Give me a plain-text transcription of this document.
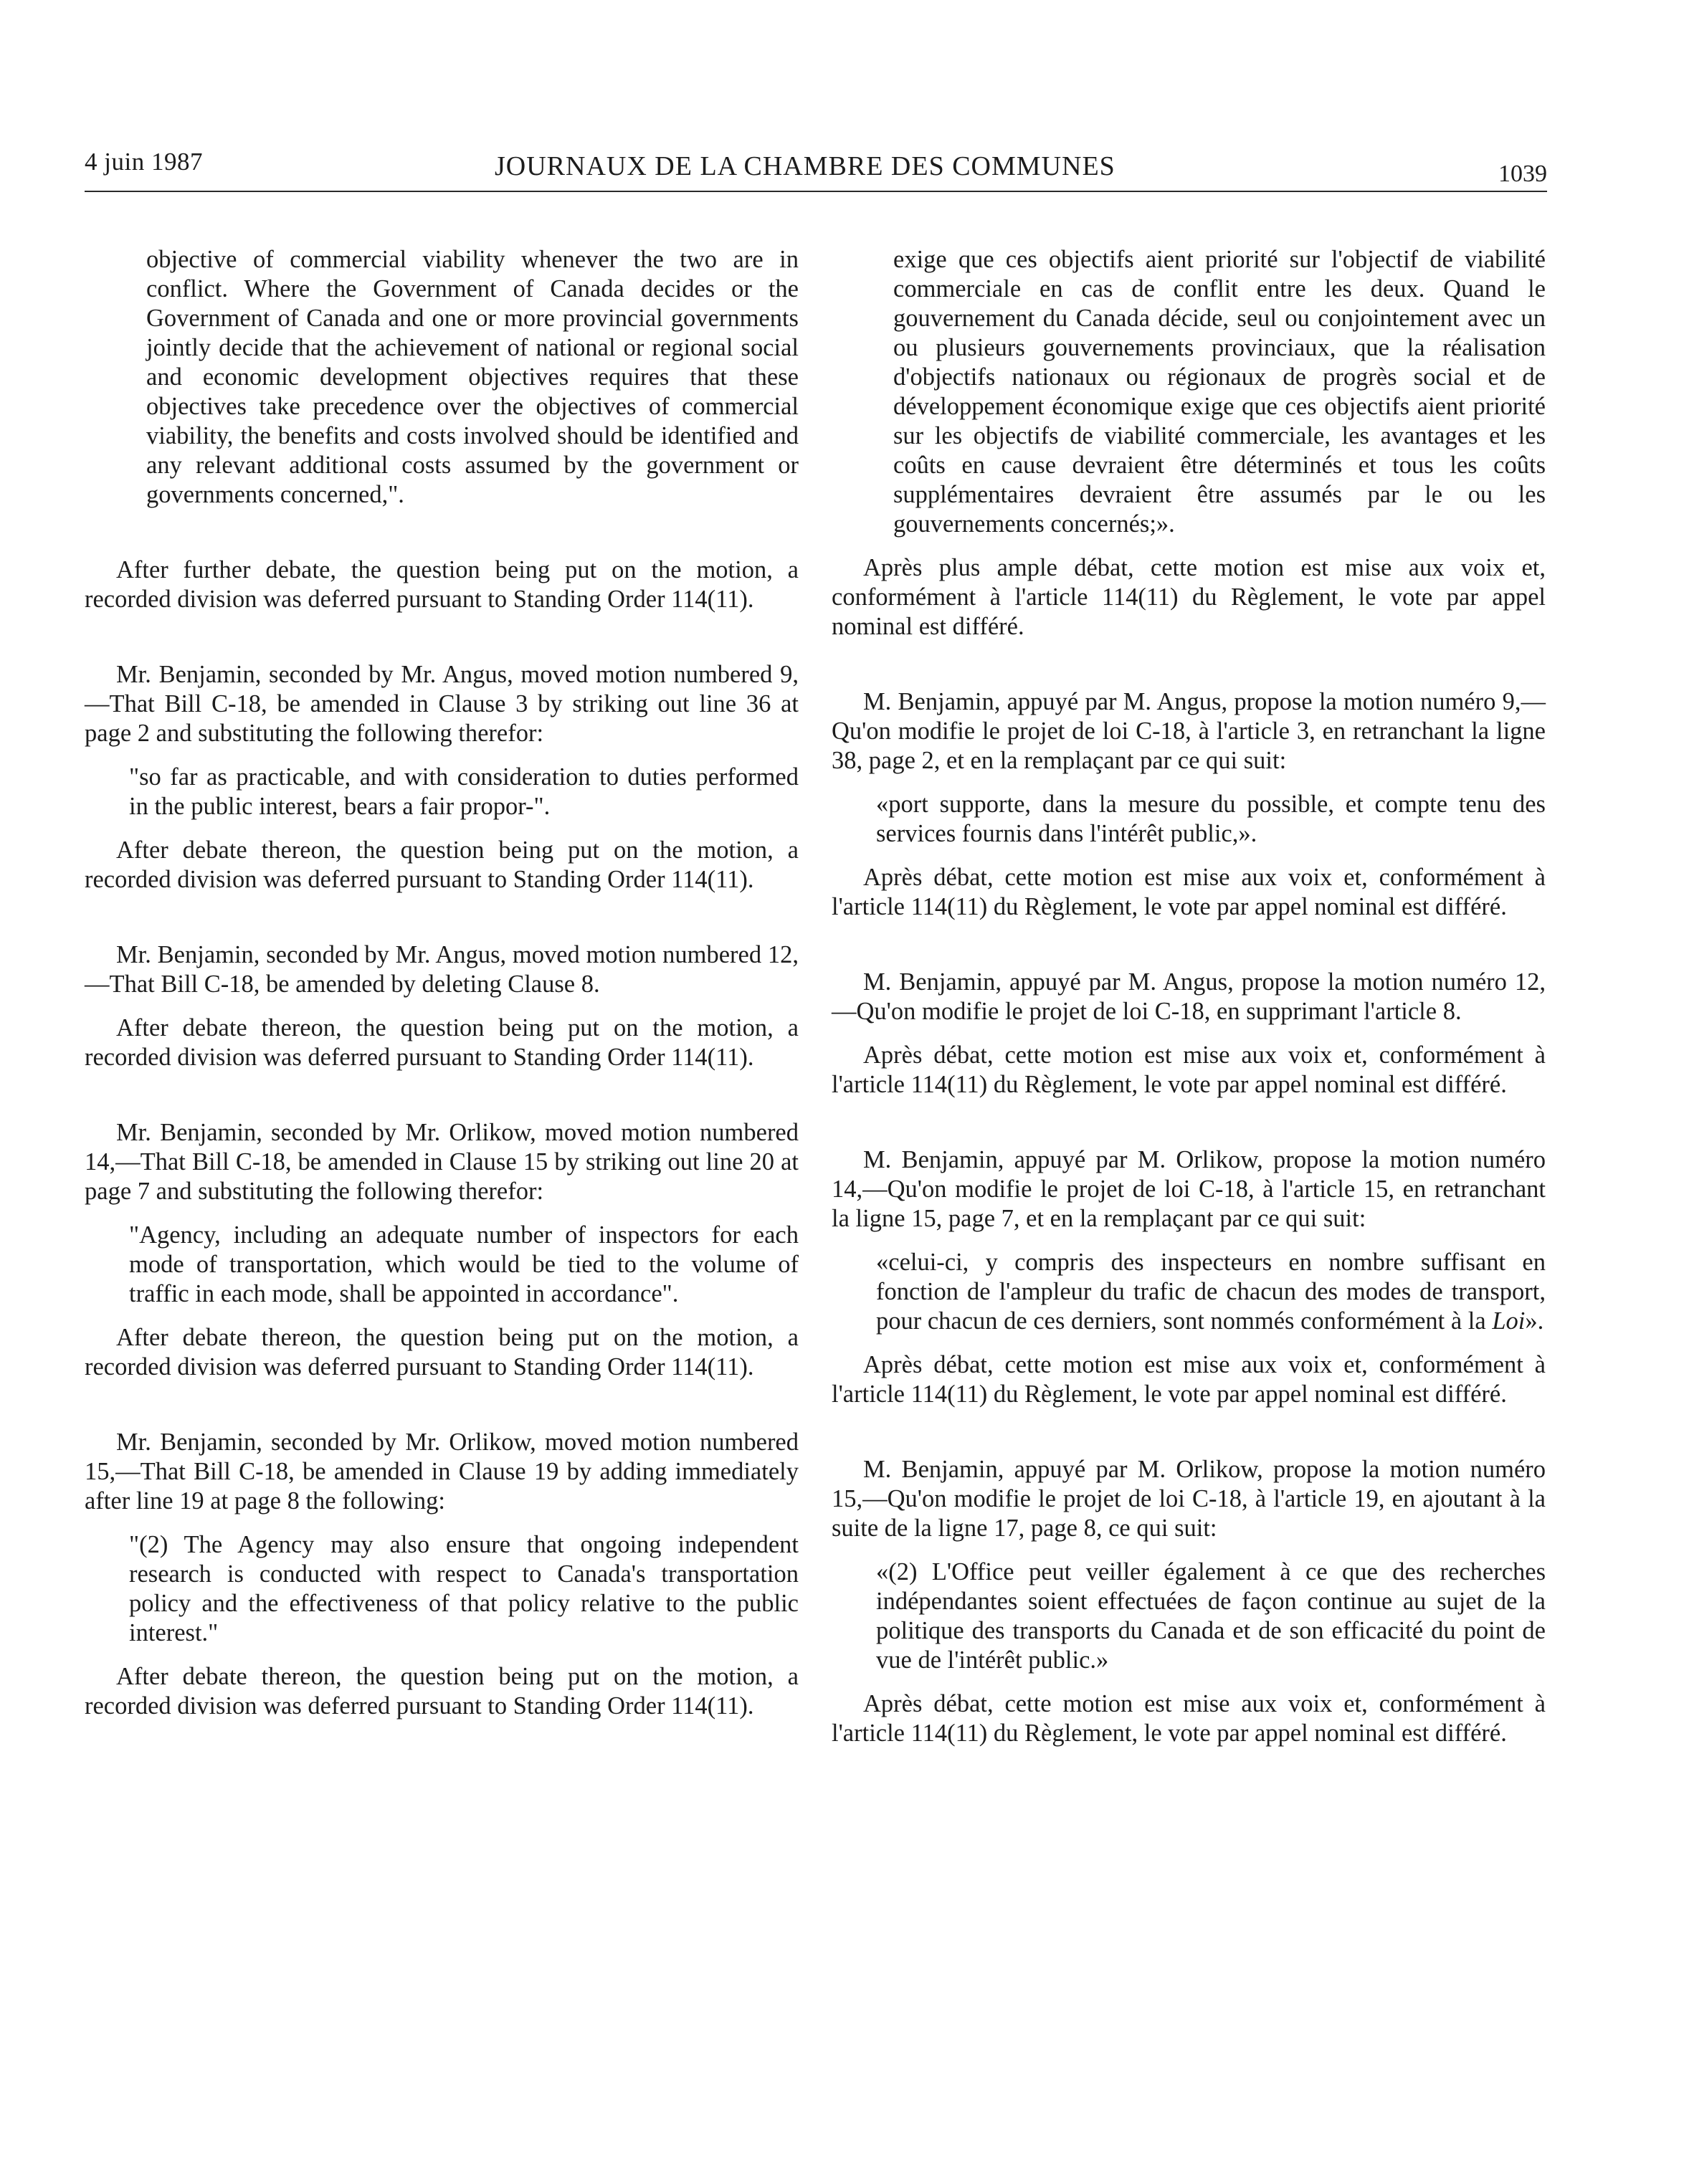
4 juin 1987	JOURNAUX DE LA CHAMBRE DES COMMUNES	1039

objective of commercial viability whenever the two are in conflict. Where the Government of Canada decides or the Government of Canada and one or more provincial governments jointly decide that the achievement of national or regional social and economic development objectives requires that these objectives take precedence over the objectives of commercial viability, the benefits and costs involved should be identified and any relevant additional costs assumed by the government or governments concerned,".

After further debate, the question being put on the motion, a recorded division was deferred pursuant to Standing Order 114(11).

Mr. Benjamin, seconded by Mr. Angus, moved motion numbered 9,—That Bill C-18, be amended in Clause 3 by striking out line 36 at page 2 and substituting the following therefor:

"so far as practicable, and with consideration to duties performed in the public interest, bears a fair propor-".

After debate thereon, the question being put on the motion, a recorded division was deferred pursuant to Standing Order 114(11).

Mr. Benjamin, seconded by Mr. Angus, moved motion numbered 12,—That Bill C-18, be amended by deleting Clause 8.

After debate thereon, the question being put on the motion, a recorded division was deferred pursuant to Standing Order 114(11).

Mr. Benjamin, seconded by Mr. Orlikow, moved motion numbered 14,—That Bill C-18, be amended in Clause 15 by striking out line 20 at page 7 and substituting the following therefor:

"Agency, including an adequate number of inspectors for each mode of transportation, which would be tied to the volume of traffic in each mode, shall be appointed in accordance".

After debate thereon, the question being put on the motion, a recorded division was deferred pursuant to Standing Order 114(11).

Mr. Benjamin, seconded by Mr. Orlikow, moved motion numbered 15,—That Bill C-18, be amended in Clause 19 by adding immediately after line 19 at page 8 the following:

"(2) The Agency may also ensure that ongoing independent research is conducted with respect to Canada's transportation policy and the effectiveness of that policy relative to the public interest."

After debate thereon, the question being put on the motion, a recorded division was deferred pursuant to Standing Order 114(11).

exige que ces objectifs aient priorité sur l'objectif de viabilité commerciale en cas de conflit entre les deux. Quand le gouvernement du Canada décide, seul ou conjointement avec un ou plusieurs gouvernements provinciaux, que la réalisation d'objectifs nationaux ou régionaux de progrès social et de développement économique exige que ces objectifs aient priorité sur les objectifs de viabilité commerciale, les avantages et les coûts en cause devraient être déterminés et tous les coûts supplémentaires devraient être assumés par le ou les gouvernements concernés;».

Après plus ample débat, cette motion est mise aux voix et, conformément à l'article 114(11) du Règlement, le vote par appel nominal est différé.

M. Benjamin, appuyé par M. Angus, propose la motion numéro 9,—Qu'on modifie le projet de loi C-18, à l'article 3, en retranchant la ligne 38, page 2, et en la remplaçant par ce qui suit:

«port supporte, dans la mesure du possible, et compte tenu des services fournis dans l'intérêt public,».

Après débat, cette motion est mise aux voix et, conformément à l'article 114(11) du Règlement, le vote par appel nominal est différé.

M. Benjamin, appuyé par M. Angus, propose la motion numéro 12,—Qu'on modifie le projet de loi C-18, en supprimant l'article 8.

Après débat, cette motion est mise aux voix et, conformément à l'article 114(11) du Règlement, le vote par appel nominal est différé.

M. Benjamin, appuyé par M. Orlikow, propose la motion numéro 14,—Qu'on modifie le projet de loi C-18, à l'article 15, en retranchant la ligne 15, page 7, et en la remplaçant par ce qui suit:

«celui-ci, y compris des inspecteurs en nombre suffisant en fonction de l'ampleur du trafic de chacun des modes de transport, pour chacun de ces derniers, sont nommés conformément à la Loi».

Après débat, cette motion est mise aux voix et, conformément à l'article 114(11) du Règlement, le vote par appel nominal est différé.

M. Benjamin, appuyé par M. Orlikow, propose la motion numéro 15,—Qu'on modifie le projet de loi C-18, à l'article 19, en ajoutant à la suite de la ligne 17, page 8, ce qui suit:

«(2) L'Office peut veiller également à ce que des recherches indépendantes soient effectuées de façon continue au sujet de la politique des transports du Canada et de son efficacité du point de vue de l'intérêt public.»

Après débat, cette motion est mise aux voix et, conformément à l'article 114(11) du Règlement, le vote par appel nominal est différé.
